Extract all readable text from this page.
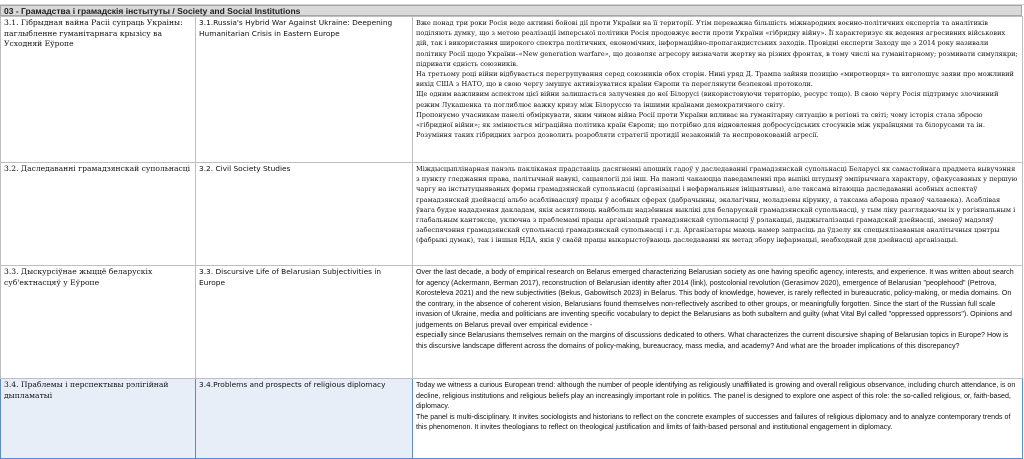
03 - Грамадства і грамадскія інстытуты / Society and Social Institutions
3.1. Гібрыдная вайна Расіі супраць Украіны: паглыбленне гуманітарнага крызісу ва Усходняй Еўропе	3.1.Russia's Hybrid War Against Ukraine: Deepening Humanitarian Crisis in Eastern Europe	Вже понад три роки Росія веде активні бойові дії проти України на її території. Утім переважна більшість міжнародних воєнно-політичних експертів та аналітиків поділяють думку, що з метою реалізації імперської політики Росія продовжує вести проти України «гібридну війну». Її характеризує як ведення агресивних військових дій, так і використання широкого спектра політичних, економічних, інформаційно-пропагандистських заходів. Провідні експерти Заходу ще з 2014 року називали політику Росії щодо України–«New generation warfare», що дозволяє агресору визначати жертву на різних фронтах, в тому числі на гуманітарному; розмивати симулякри; підривати єдність союзників.

На третьому році війни відбувається перегрупування серед союзників обох сторін. Нині уряд Д. Трампа зайняв позицію «миротворця» та виголошує заяви про можливий вихід США з НАТО, що в свою чергу змушує активізуватися країни Європи та переглянути безпекові протоколи.

Ще одним важливим аспектом цієї війни залишається залучення до неї Білорусі (використовуючи територію, ресурс тощо). В свою чергу Росія підтримує злочинний режим Лукашенка та поглиблює важку кризу між Білоруссю та іншими країнами демократичного світу.

Пропонуємо учасникам панелі обміркувати, яким чином війна Росії проти України впливає на гуманітарну ситуацію в регіоні та світі; чому історія стала зброєю «гібридної війни»; як змінюється міграційна політика країн Європи; що потрібно для відновлення добросусідських стосунків між українцями та білорусами та ін.

Розуміння таких гібридних загроз дозволить розробляти стратегії протидії незаконній та неспровокованій агресії.

3.2. Даследаванні грамадзянскай супольнасці	3.2. Civil Society Studies	Міждысцыплінарная панэль пакліканая прадставіць дасягненні апошніх гадоў у даследаванні грамадзянскай супольнасці Беларусі як самастойнага прадмета вывучэння з пункту гледжання права, палітычнай навукі, сацыялогіі дзі інш. На панэлі чакаюцца паведамленні пра выпікі штудыяў эмпірычнага характару, сфакусаваных у першую чаргу на інстытуцыяваных формы грамадзянскай супольнасці (арганізацыі і нефармальныя ініцыятывы), але таксама вітаюцца даследаванні асобных аспектаў грамадзянскай дзейнасці альбо асабліваасцяў працы ў асобных сферах (дабрачынны, экалагічны, моладзевы кірунку, а таксама абарона правоў чалавека). Асаблівая ўвага будзе нададзеная дакладам, якія асвятляюць найбольш надзённыя выклікі для беларускай грамадзянскай супольнасці, у тым ліку разглядаючы іх у рэгіянальным і глабальным кантэксце, уключна з праблемамі працы арганізацый грамадзянскай супольнасці ў рэлакацыі, дыджыталізацыі грамадскай дзейнасці, зменаў мадэляў забеспячэння грамадзянскай супольнасці грамадзянскай супольнасці і г.д. Арганізатары маюць намер запрасіць да ўдзелу як спецыялізаваныя аналітычныя цэнтры (фабрыкі думак), так і іншыя НДА, якія ў сваёй працы выкарыстоўваюць даследаванні як метад збору інфармацыі, неабходнай для дзейнасці арганізацыі.

3.3. Дыскурсіўнае жыццё беларускіх суб'ектнасцяў у Еўропе	3.3. Discursive Life of Belarusian Subjectivities in Europe	Over the last decade, a body of empirical research on Belarus emerged characterizing Belarusian society as one having specific agency, interests, and experience. It was written about search for agency (Ackermann, Berman 2017), reconstruction of Belarusian identity after 2014 (link), postcolonial revolution (Gerasimov 2020), emergence of Belarusian "peoplehood" (Petrova, Korosteleva 2021) and the new subjectivities (Bekus, Gabowitsch 2023) in Belarus. This body of knowledge, however, is rarely reflected in bureaucratic, policy-making, or media domains. On the contrary, in the absence of coherent vision, Belarusians found themselves non-reflectively ascribed to other groups, or meaningfully forgotten. Since the start of the Russian full scale invasion of Ukraine, media and politicians are inventing specific vocabulary to depict the Belarusians as both subaltern and guilty (what Vital Byl called "oppressed oppressors"). Opinions and judgements on Belarus prevail over empirical evidence -

especially since Belarusians themselves remain on the margins of discussions dedicated to others. What characterizes the current discursive shaping of Belarusian topics in Europe? How is this discursive landscape different across the domains of policy-making, bureaucracy, mass media, and academy? And what are the broader implications of this discrepancy?

3.4. Праблемы і перспектывы рэлігійнай дыпламатыі	3.4.Problems and prospects of religious diplomacy	Today we witness a curious European trend: although the number of people identifying as religiously unaffiliated is growing and overall religious observance, including church attendance, is on decline, religious institutions and religious beliefs play an increasingly important role in politics. The panel is designed to explore one aspect of this role: the so-called religious, or, faith-based, diplomacy.

The panel is multi-disciplinary. It invites sociologists and historians to reflect on the concrete examples of successes and failures of religious diplomacy and to analyze contemporary trends of this phenomenon. It invites theologians to reflect on theological justification and limits of faith-based personal and institutional engagement in diplomacy.
